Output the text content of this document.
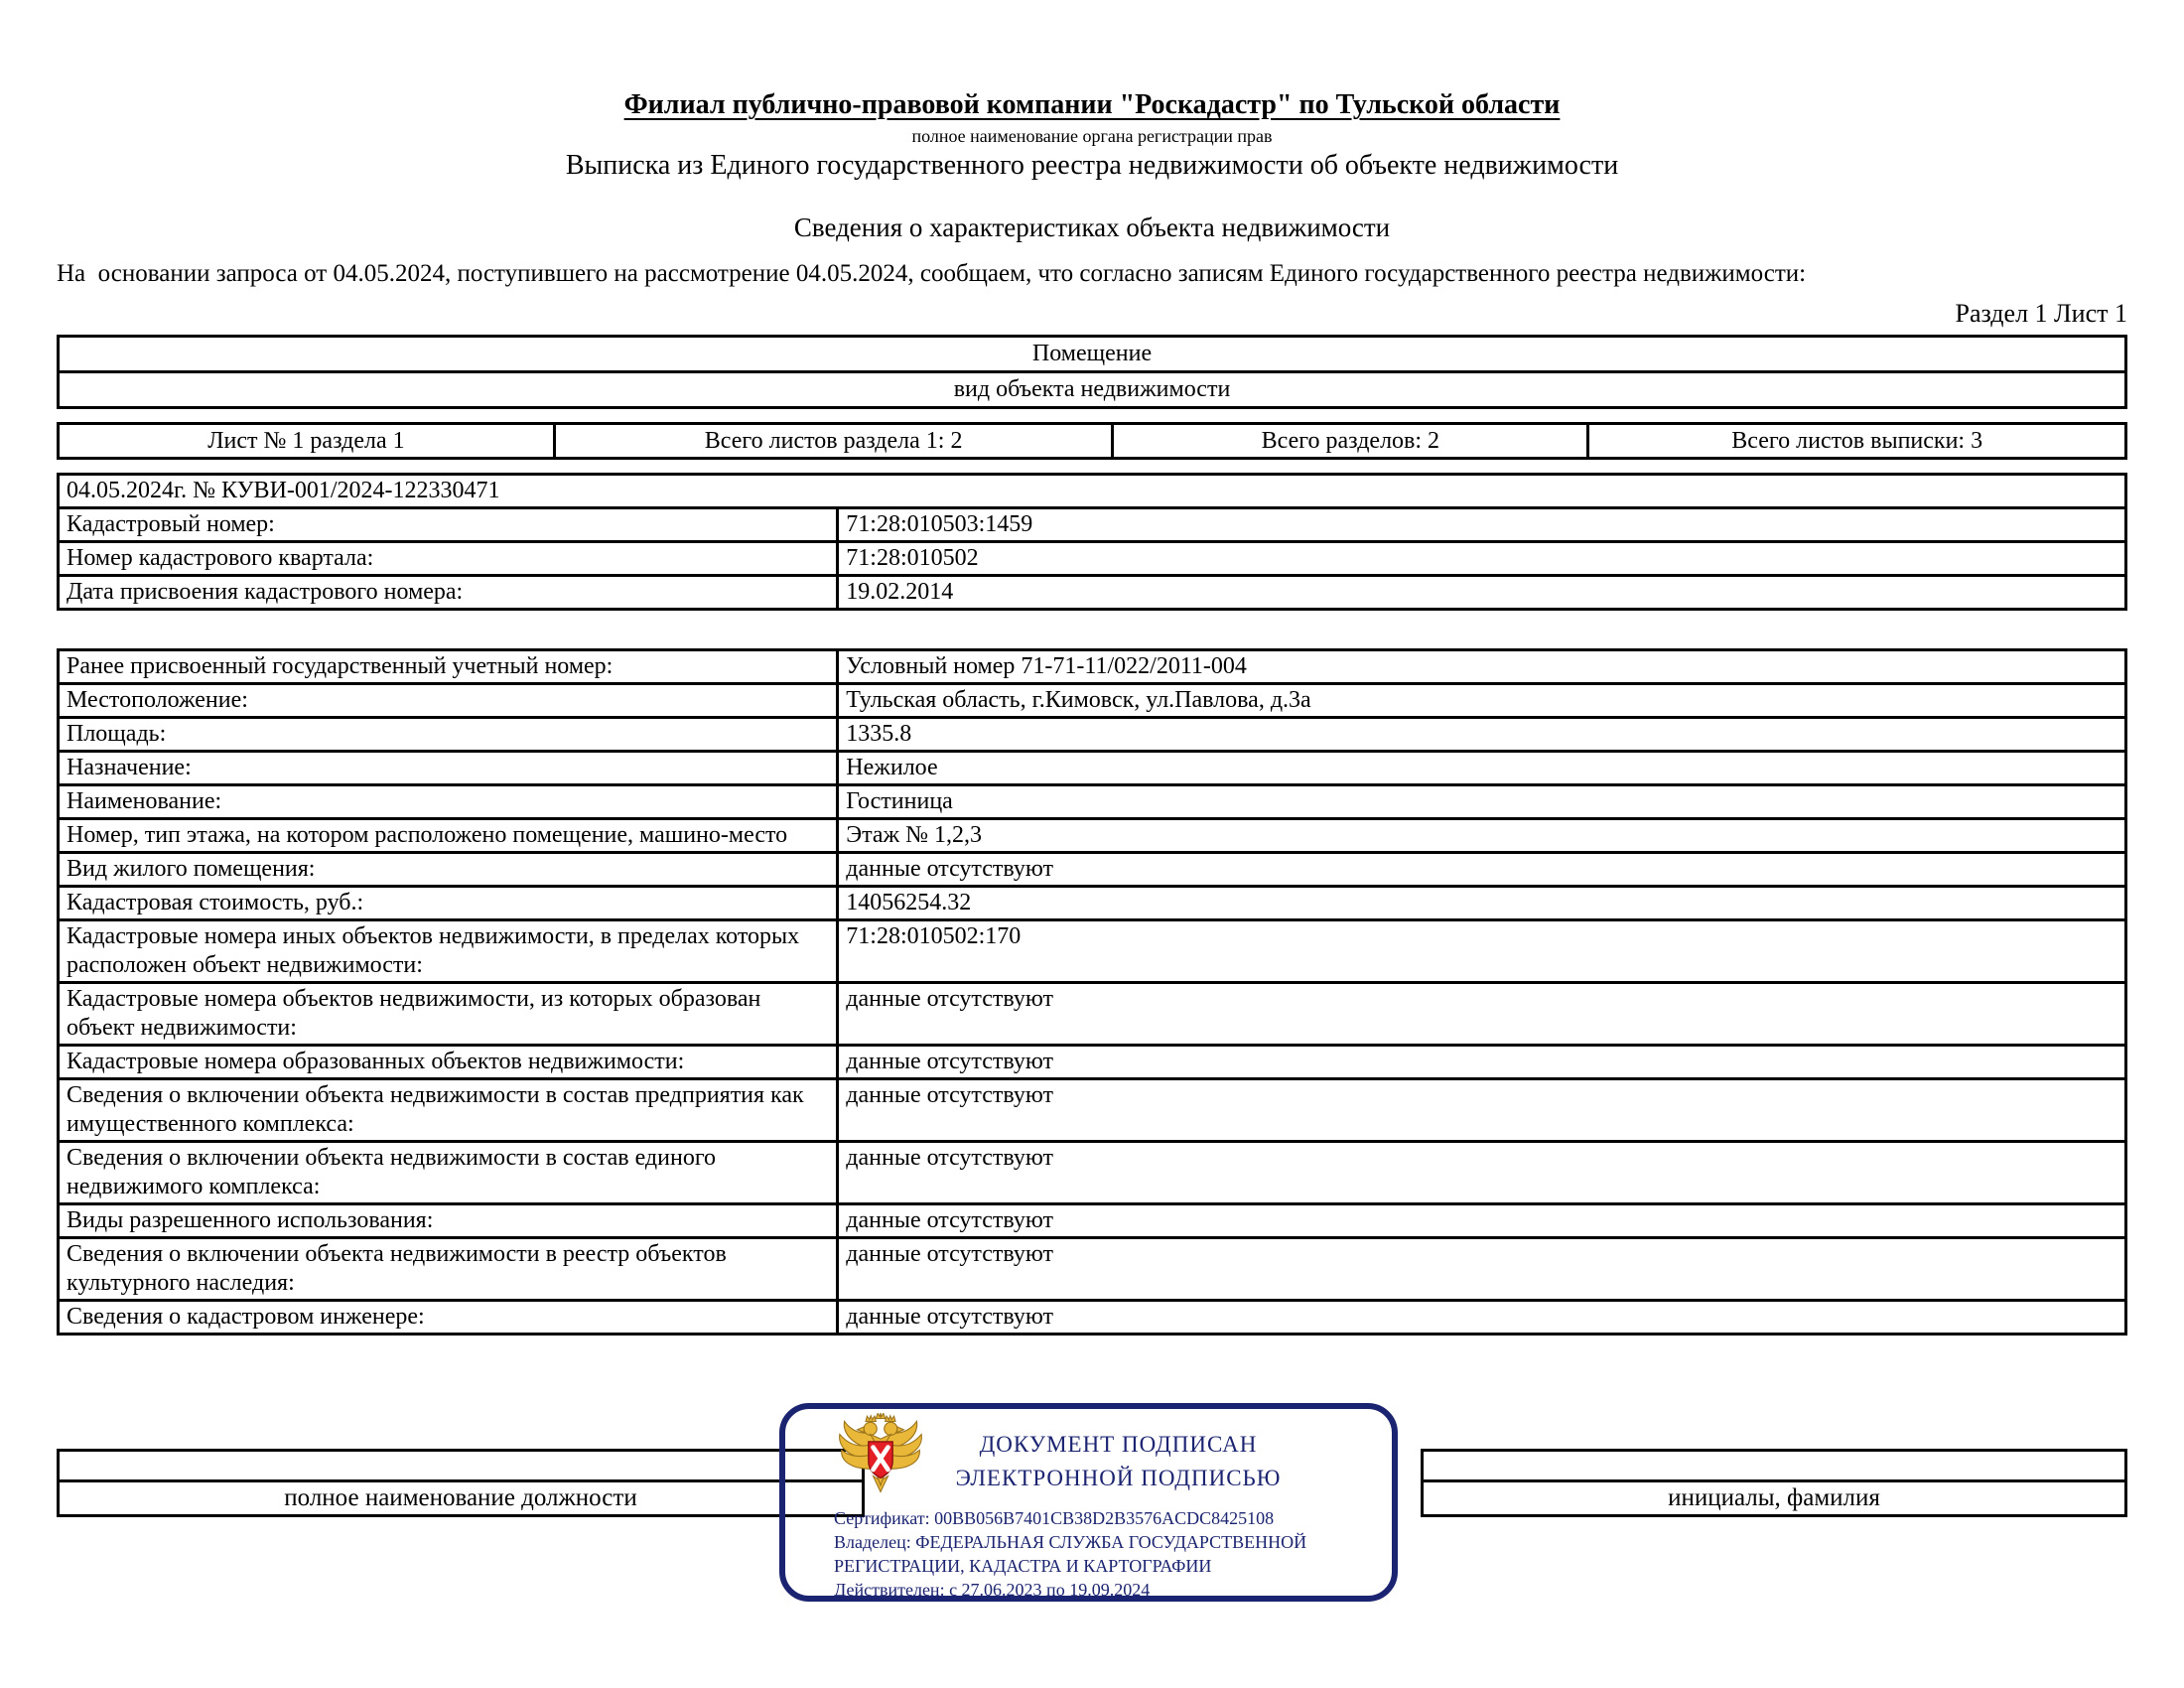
Филиал публично-правовой компании "Роскадастр" по Тульской области
полное наименование органа регистрации прав
Выписка из Единого государственного реестра недвижимости об объекте недвижимости
Сведения о характеристиках объекта недвижимости
На  основании запроса от 04.05.2024, поступившего на рассмотрение 04.05.2024, сообщаем, что согласно записям Единого государственного реестра недвижимости:
Раздел 1 Лист 1
Помещение
вид объекта недвижимости
Лист № 1 раздела 1	Всего листов раздела 1: 2	Всего разделов: 2	Всего листов выписки: 3
04.05.2024г. № КУВИ-001/2024-122330471	
Кадастровый номер:	71:28:010503:1459
Номер кадастрового квартала:	71:28:010502
Дата присвоения кадастрового номера:	19.02.2014
Ранее присвоенный государственный учетный номер:	Условный номер 71-71-11/022/2011-004
Местоположение:	Тульская область, г.Кимовск, ул.Павлова, д.3а
Площадь:	1335.8
Назначение:	Нежилое
Наименование:	Гостиница
Номер, тип этажа, на котором расположено помещение, машино-место	Этаж № 1,2,3
Вид жилого помещения:	данные отсутствуют
Кадастровая стоимость, руб.:	14056254.32
Кадастровые номера иных объектов недвижимости, в пределах которых расположен объект недвижимости:	71:28:010502:170
Кадастровые номера объектов недвижимости, из которых образован объект недвижимости:	данные отсутствуют
Кадастровые номера образованных объектов недвижимости:	данные отсутствуют
Сведения о включении объекта недвижимости в состав предприятия как имущественного комплекса:	данные отсутствуют
Сведения о включении объекта недвижимости в состав единого недвижимого комплекса:	данные отсутствуют
Виды разрешенного использования:	данные отсутствуют
Сведения о включении объекта недвижимости в реестр объектов культурного наследия:	данные отсутствуют
Сведения о кадастровом инженере:	данные отсутствуют

полное наименование должности	инициалы, фамилия
ДОКУМЕНТ ПОДПИСАН
ЭЛЕКТРОННОЙ ПОДПИСЬЮ
Сертификат: 00BB056B7401CB38D2B3576ACDC8425108
Владелец: ФЕДЕРАЛЬНАЯ СЛУЖБА ГОСУДАРСТВЕННОЙ РЕГИСТРАЦИИ, КАДАСТРА И КАРТОГРАФИИ
Действителен: с 27.06.2023 по 19.09.2024
